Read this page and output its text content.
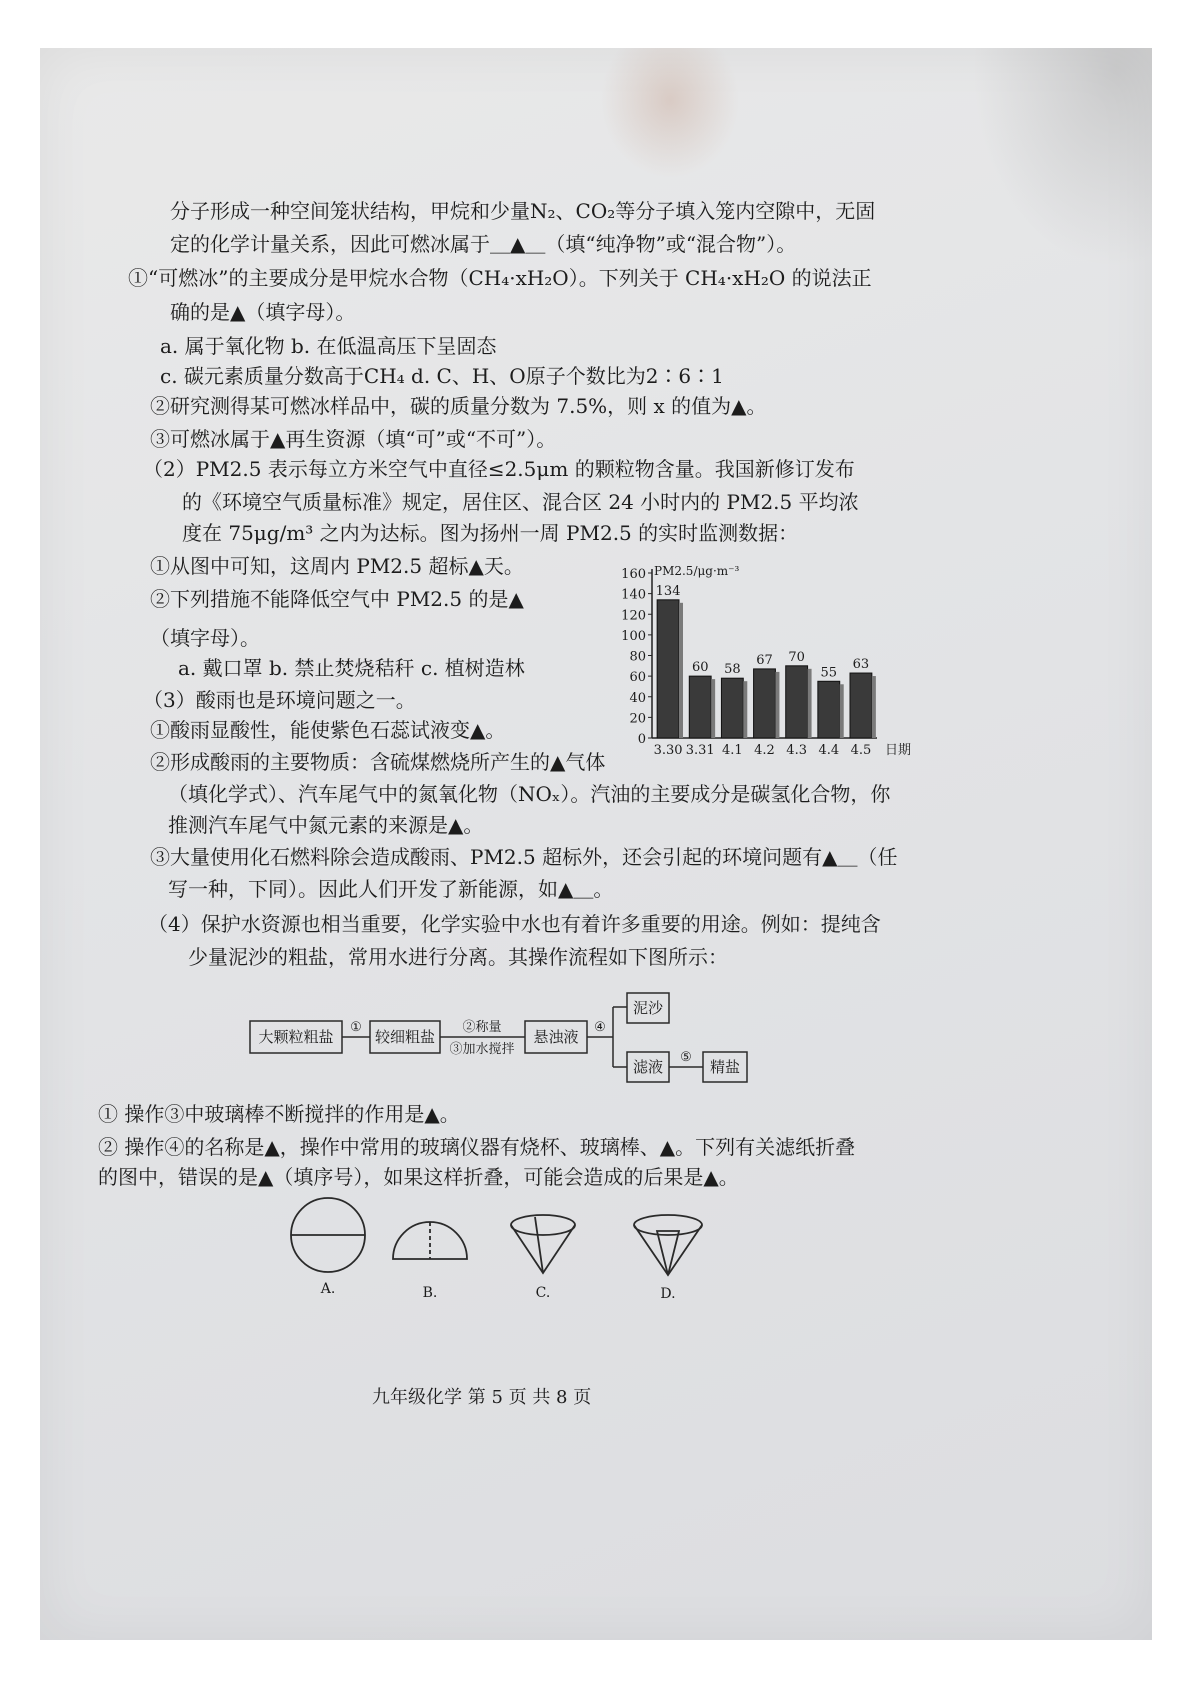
分子形成一种空间笼状结构，甲烷和少量N₂、CO₂等分子填入笼内空隙中，无固
定的化学计量关系，因此可燃冰属于＿▲＿（填“纯净物”或“混合物”）。
①“可燃冰”的主要成分是甲烷水合物（CH₄·xH₂O）。下列关于 CH₄·xH₂O 的说法正
确的是▲（填字母）。
a. 属于氧化物 b. 在低温高压下呈固态
c. 碳元素质量分数高于CH₄ d. C、H、O原子个数比为2∶6∶1
②研究测得某可燃冰样品中，碳的质量分数为 7.5%，则 x 的值为▲。
③可燃冰属于▲再生资源（填“可”或“不可”）。
（2）PM2.5 表示每立方米空气中直径≤2.5μm 的颗粒物含量。我国新修订发布
的《环境空气质量标准》规定，居住区、混合区 24 小时内的 PM2.5 平均浓
度在 75μg/m³ 之内为达标。图为扬州一周 PM2.5 的实时监测数据：
①从图中可知，这周内 PM2.5 超标▲天。
②下列措施不能降低空气中 PM2.5 的是▲
（填字母）。
a. 戴口罩 b. 禁止焚烧秸秆 c. 植树造林
（3）酸雨也是环境问题之一。
①酸雨显酸性，能使紫色石蕊试液变▲。
②形成酸雨的主要物质：含硫煤燃烧所产生的▲气体
（填化学式）、汽车尾气中的氮氧化物（NOₓ）。汽油的主要成分是碳氢化合物，你
推测汽车尾气中氮元素的来源是▲。
③大量使用化石燃料除会造成酸雨、PM2.5 超标外，还会引起的环境问题有▲＿（任
写一种，下同）。因此人们开发了新能源，如▲＿。
（4）保护水资源也相当重要，化学实验中水也有着许多重要的用途。例如：提纯含
少量泥沙的粗盐，常用水进行分离。其操作流程如下图所示：
① 操作③中玻璃棒不断搅拌的作用是▲。
② 操作④的名称是▲，操作中常用的玻璃仪器有烧杯、玻璃棒、▲。下列有关滤纸折叠
的图中，错误的是▲（填序号），如果这样折叠，可能会造成的后果是▲。
0
20
40
60
80
100
120
140
160 PM2.5/μg·m⁻³
日期
134
3.30
60
3.31
58
4.1
67
4.2
70
4.3
55
4.4
63
4.5
大颗粒粗盐
①
较细粗盐
②称量
③加水搅拌
悬浊液
④
泥沙
滤液
⑤
精盐
A.	B.	C.	D.
九年级化学 第 5 页 共 8 页
